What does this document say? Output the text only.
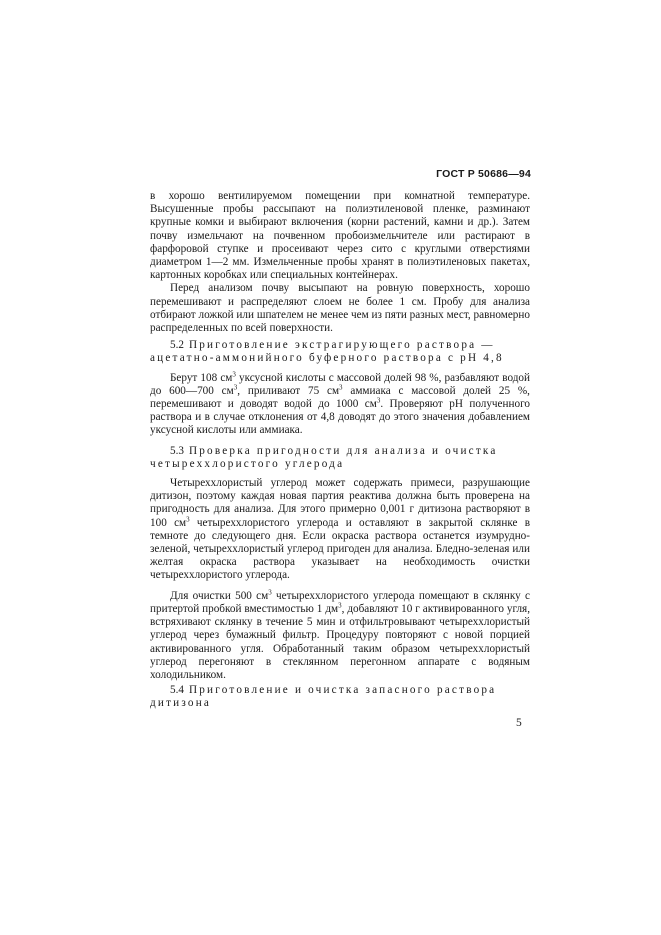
ГОСТ Р 50686—94

в хорошо вентилируемом помещении при комнатной температуре. Высушенные пробы рассыпают на полиэтиленовой пленке, разминают крупные комки и выбирают включения (корни растений, камни и др.). Затем почву измельчают на почвенном пробоизмельчителе или растирают в фарфоровой ступке и просеивают через сито с круглыми отверстиями диаметром 1—2 мм. Измельченные пробы хранят в полиэтиленовых пакетах, картонных коробках или специальных контейнерах.

Перед анализом почву высыпают на ровную поверхность, хорошо перемешивают и распределяют слоем не более 1 см. Пробу для анализа отбирают ложкой или шпателем не менее чем из пяти разных мест, равномерно распределенных по всей поверхности.

5.2 Приготовление экстрагирующего раствора — ацетатно-аммонийного буферного раствора с рН 4,8

Берут 108 $см^3$ уксусной кислоты с массовой долей 98 %, разбавляют водой до 600—700 $см^3$, приливают 75 $см^3$ аммиака с массовой долей 25 %, перемешивают и доводят водой до 1000 $см^3$. Проверяют рН полученного раствора и в случае отклонения от 4,8 доводят до этого значения добавлением уксусной кислоты или аммиака.

5.3 Проверка пригодности для анализа и очистка четыреххлористого углерода

Четыреххлористый углерод может содержать примеси, разрушающие дитизон, поэтому каждая новая партия реактива должна быть проверена на пригодность для анализа. Для этого примерно 0,001 г дитизона растворяют в 100 $см^3$ четыреххлористого углерода и оставляют в закрытой склянке в темноте до следующего дня. Если окраска раствора останется изумрудно-зеленой, четыреххлористый углерод пригоден для анализа. Бледно-зеленая или желтая окраска раствора указывает на необходимость очистки четыреххлористого углерода.

Для очистки 500 $см^3$ четыреххлористого углерода помещают в склянку с притертой пробкой вместимостью 1 $дм^3$, добавляют 10 г активированного угля, встряхивают склянку в течение 5 мин и отфильтровывают четыреххлористый углерод через бумажный фильтр. Процедуру повторяют с новой порцией активированного угля. Обработанный таким образом четыреххлористый углерод перегоняют в стеклянном перегонном аппарате с водяным холодильником.

5.4 Приготовление и очистка запасного раствора дитизона
5
